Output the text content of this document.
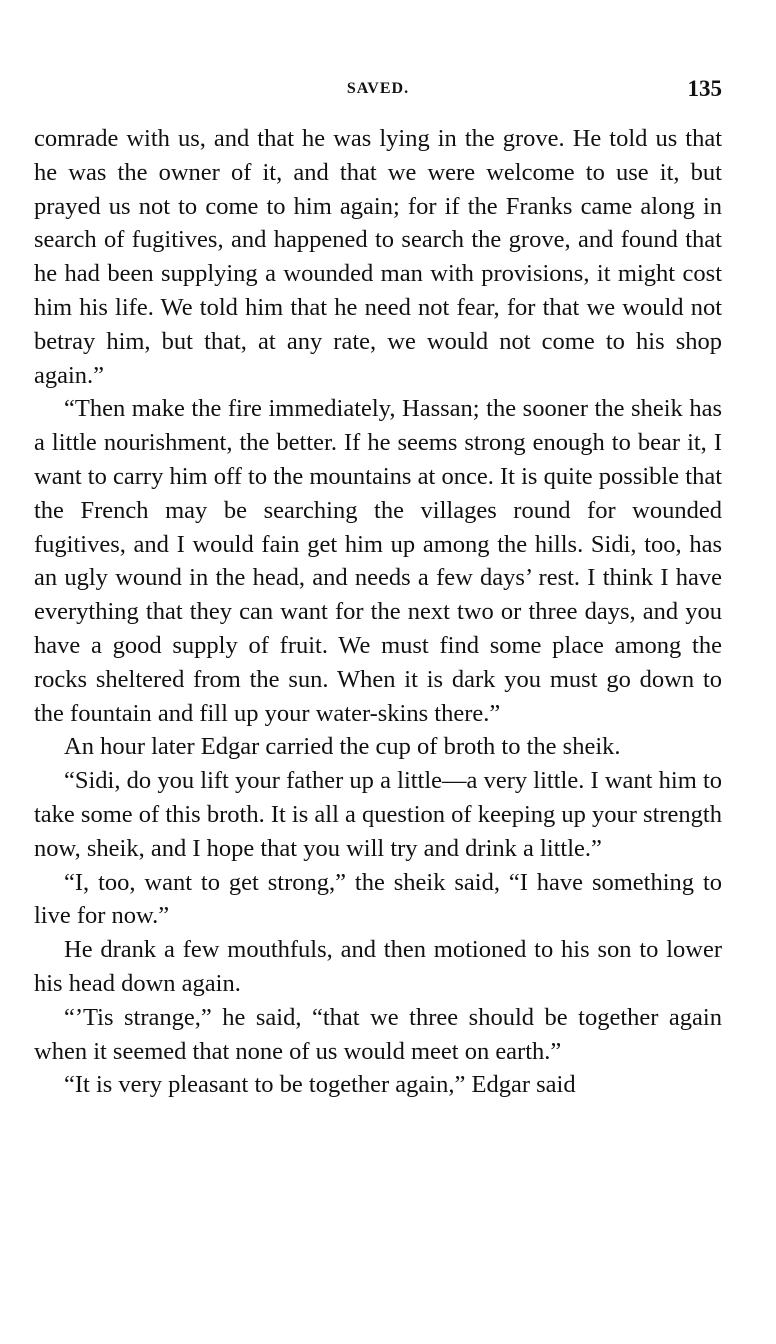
SAVED.	135

comrade with us, and that he was lying in the grove. He told us that he was the owner of it, and that we were welcome to use it, but prayed us not to come to him again; for if the Franks came along in search of fugitives, and happened to search the grove, and found that he had been supplying a wounded man with provisions, it might cost him his life. We told him that he need not fear, for that we would not betray him, but that, at any rate, we would not come to his shop again.”

“Then make the fire immediately, Hassan; the sooner the sheik has a little nourishment, the better. If he seems strong enough to bear it, I want to carry him off to the mountains at once. It is quite possible that the French may be searching the villages round for wounded fugitives, and I would fain get him up among the hills. Sidi, too, has an ugly wound in the head, and needs a few days’ rest. I think I have everything that they can want for the next two or three days, and you have a good supply of fruit. We must find some place among the rocks sheltered from the sun. When it is dark you must go down to the fountain and fill up your water-skins there.”

An hour later Edgar carried the cup of broth to the sheik.

“Sidi, do you lift your father up a little—a very little. I want him to take some of this broth. It is all a question of keeping up your strength now, sheik, and I hope that you will try and drink a little.”

“I, too, want to get strong,” the sheik said, “I have something to live for now.”

He drank a few mouthfuls, and then motioned to his son to lower his head down again.

“’Tis strange,” he said, “that we three should be together again when it seemed that none of us would meet on earth.”

“It is very pleasant to be together again,” Edgar said
